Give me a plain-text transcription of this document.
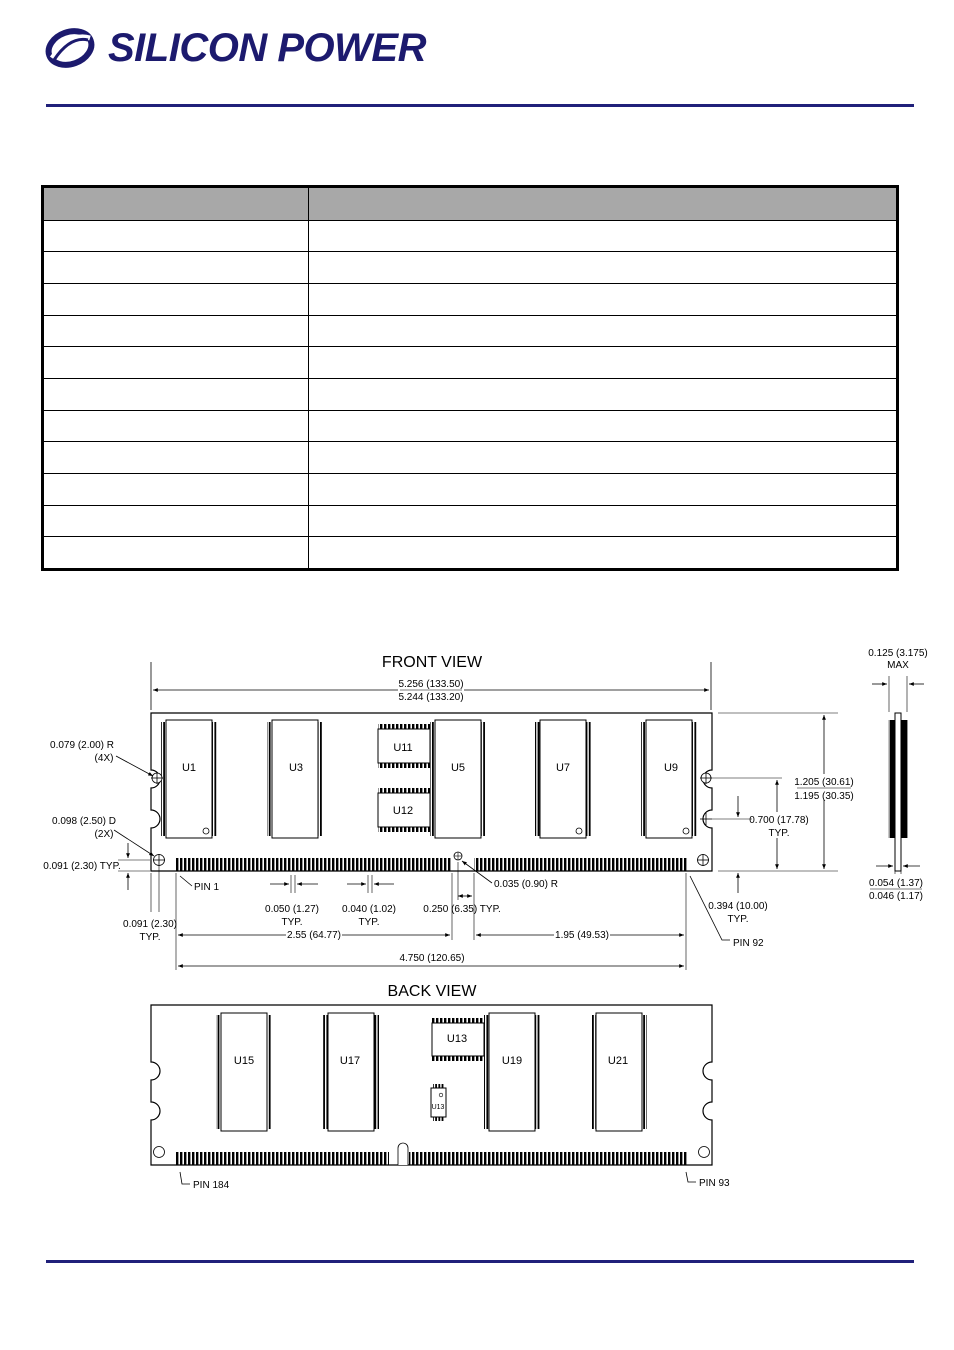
SILICON POWER

FRONT VIEW
5.256 (133.50)
5.244 (133.20)
U1	U3	U5	U7	U9
U11
U12
0.079 (2.00) R
(4X)
0.098 (2.50) D
(2X)
0.091 (2.30) TYP.
0.091 (2.30)
TYP.
PIN 1
0.050 (1.27)
TYP.
0.040 (1.02)
TYP.
0.035 (0.90) R
0.250 (6.35) TYP.
2.55 (64.77)	1.95 (49.53)
4.750 (120.65)
1.205 (30.61)
1.195 (30.35)
0.700 (17.78)
TYP.
0.394 (10.00)
TYP.
PIN 92
0.125 (3.175)
MAX
0.054 (1.37)
0.046 (1.17)
BACK VIEW
U15	U17	U19	U21
U13
U13
PIN 184	PIN 93
